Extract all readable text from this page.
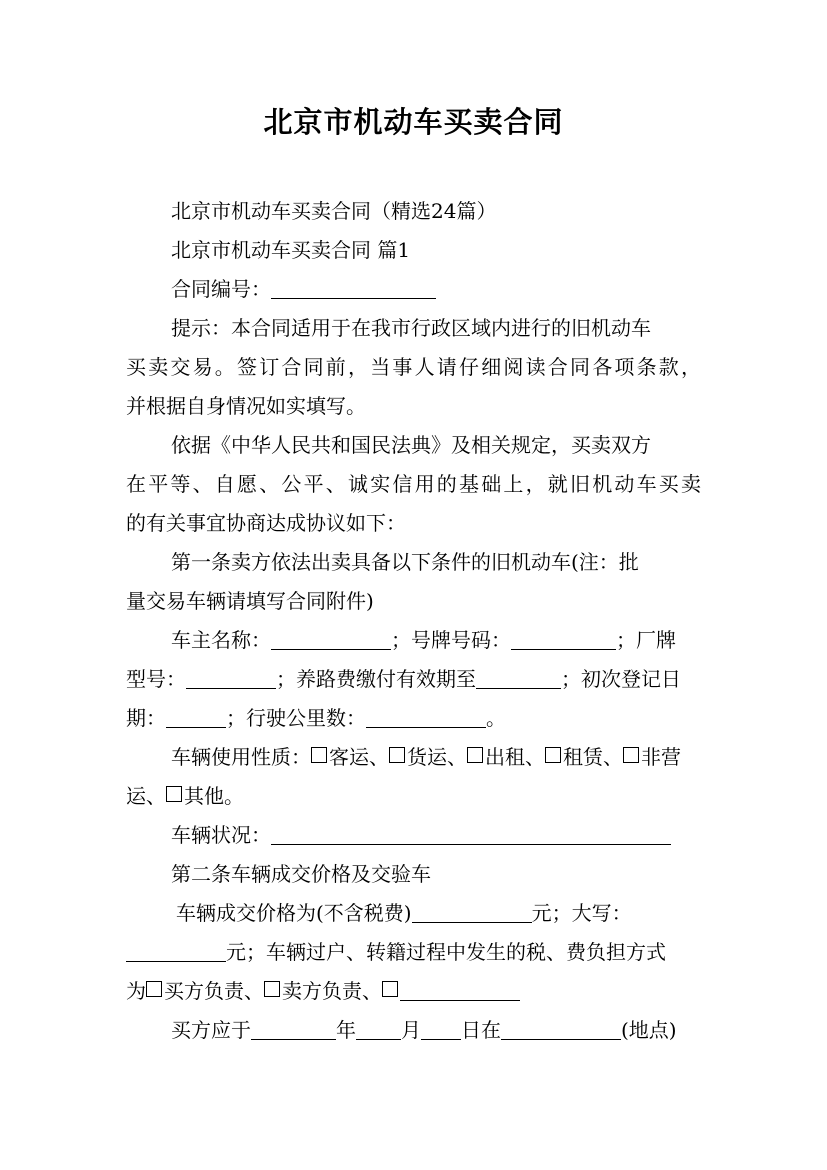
北京市机动车买卖合同
北京市机动车买卖合同（精选24篇）
北京市机动车买卖合同 篇1
合同编号：
提示：本合同适用于在我市行政区域内进行的旧机动车
买卖交易。签订合同前，当事人请仔细阅读合同各项条款，
并根据自身情况如实填写。
依据《中华人民共和国民法典》及相关规定，买卖双方
在平等、自愿、公平、诚实信用的基础上，就旧机动车买卖
的有关事宜协商达成协议如下：
第一条卖方依法出卖具备以下条件的旧机动车(注：批
量交易车辆请填写合同附件)
车主名称：	；号牌号码：	；厂牌
型号：	；养路费缴付有效期至	；初次登记日
期：	；行驶公里数：	。
车辆使用性质： 客运、 货运、 出租、 租赁、 非营
运、 其他。
车辆状况：
第二条车辆成交价格及交验车
车辆成交价格为(不含税费)	元；大写：
元；车辆过户、转籍过程中发生的税、费负担方式
为 买方负责、 卖方负责、
买方应于	年 月 日在	(地点)
